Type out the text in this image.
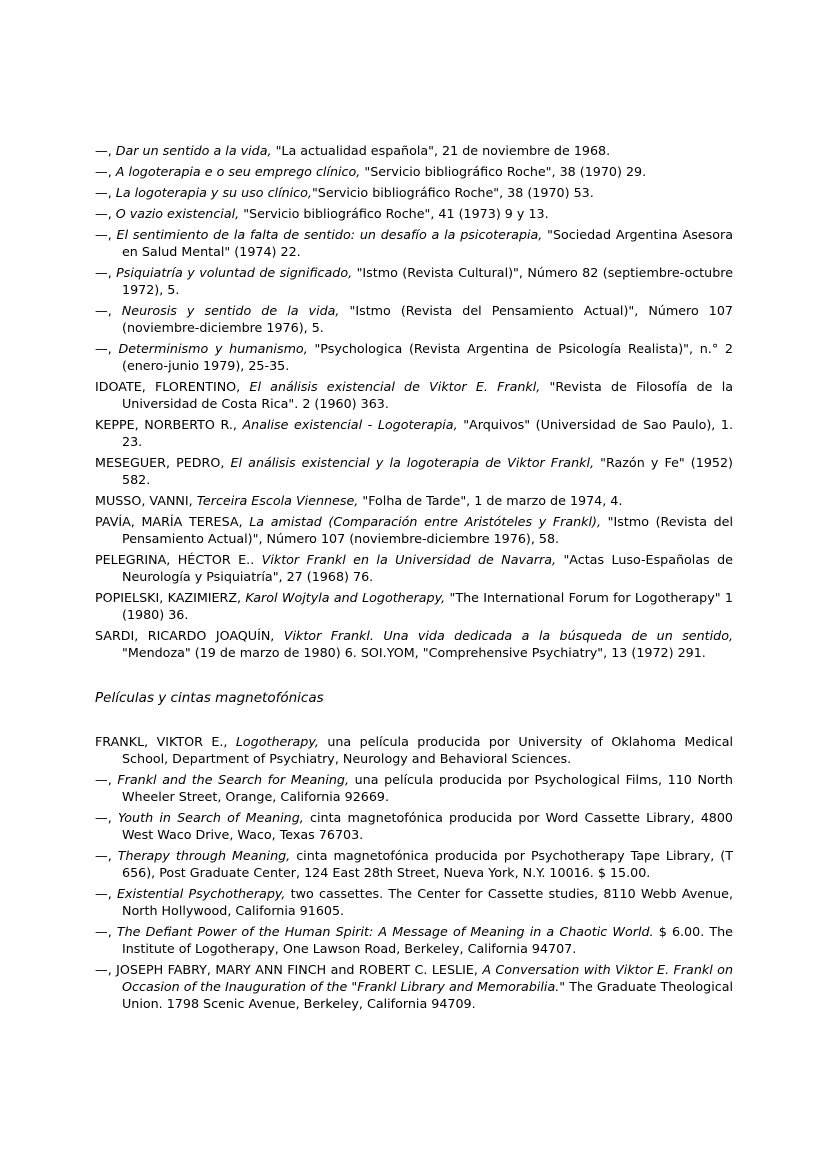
—, Dar un sentido a la vida, "La actualidad española", 21 de noviembre de 1968.

—, A logoterapia e o seu emprego clínico, "Servicio bibliográfico Roche", 38 (1970) 29.

—, La logoterapia y su uso clínico,"Servicio bibliográfico Roche", 38 (1970) 53.

—, O vazio existencial, "Servicio bibliográfico Roche", 41 (1973) 9 y 13.

—, El sentimiento de la falta de sentido: un desafío a la psicoterapia, "Sociedad Argentina Asesora en Salud Mental" (1974) 22.

—, Psiquiatría y voluntad de significado, "Istmo (Revista Cultural)", Número 82 (septiembre-octubre 1972), 5.

—, Neurosis y sentido de la vida, "Istmo (Revista del Pensamiento Actual)", Número 107 (noviembre-diciembre 1976), 5.

—, Determinismo y humanismo, "Psychologica (Revista Argentina de Psicología Realista)", n.° 2 (enero-junio 1979), 25-35.

IDOATE, FLORENTINO, El análisis existencial de Viktor E. Frankl, "Revista de Filosofía de la Universidad de Costa Rica". 2 (1960) 363.

KEPPE, NORBERTO R., Analise existencial - Logoterapia, "Arquivos" (Universidad de Sao Paulo), 1. 23.

MESEGUER, PEDRO, El análisis existencial y la logoterapia de Viktor Frankl, "Razón y Fe" (1952) 582.

MUSSO, VANNI, Terceira Escola Viennese, "Folha de Tarde", 1 de marzo de 1974, 4.

PAVÍA, MARÍA TERESA, La amistad (Comparación entre Aristóteles y Frankl), "Istmo (Revista del Pensamiento Actual)", Número 107 (noviembre-diciembre 1976), 58.

PELEGRINA, HÉCTOR E.. Viktor Frankl en la Universidad de Navarra, "Actas Luso-Españolas de Neurología y Psiquiatría", 27 (1968) 76.

POPIELSKI, KAZIMIERZ, Karol Wojtyla and Logotherapy, "The International Forum for Logotherapy" 1 (1980) 36.

SARDI, RICARDO JOAQUÍN, Viktor Frankl. Una vida dedicada a la búsqueda de un sentido, "Mendoza" (19 de marzo de 1980) 6. SOI.YOM, "Comprehensive Psychiatry", 13 (1972) 291.

Películas y cintas magnetofónicas

FRANKL, VIKTOR E., Logotherapy, una película producida por University of Oklahoma Medical School, Department of Psychiatry, Neurology and Behavioral Sciences.

—, Frankl and the Search for Meaning, una película producida por Psychological Films, 110 North Wheeler Street, Orange, California 92669.

—, Youth in Search of Meaning, cinta magnetofónica producida por Word Cassette Library, 4800 West Waco Drive, Waco, Texas 76703.

—, Therapy through Meaning, cinta magnetofónica producida por Psychotherapy Tape Library, (T 656), Post Graduate Center, 124 East 28th Street, Nueva York, N.Y. 10016. $ 15.00.

—, Existential Psychotherapy, two cassettes. The Center for Cassette studies, 8110 Webb Avenue, North Hollywood, California 91605.

—, The Defiant Power of the Human Spirit: A Message of Meaning in a Chaotic World. $ 6.00. The Institute of Logotherapy, One Lawson Road, Berkeley, California 94707.

—, JOSEPH FABRY, MARY ANN FINCH and ROBERT C. LESLIE, A Conversation with Viktor E. Frankl on Occasion of the Inauguration of the "Frankl Library and Memorabilia." The Graduate Theological Union. 1798 Scenic Avenue, Berkeley, California 94709.
